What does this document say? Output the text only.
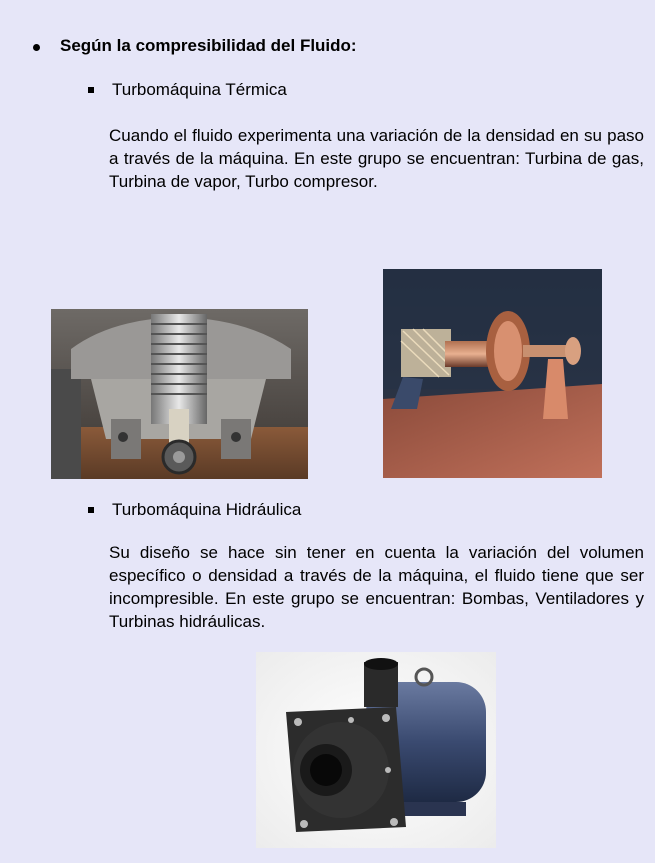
Según la compresibilidad del Fluido:
Turbomáquina Térmica
Cuando el fluido experimenta una variación de la densidad en su paso a través de la máquina. En este grupo se encuentran: Turbina de gas, Turbina de vapor, Turbo compresor.
Turbomáquina Hidráulica
Su diseño se hace sin tener en cuenta la variación del volumen específico o densidad a través de la máquina, el fluido tiene que ser incompresible. En este grupo se encuentran: Bombas, Ventiladores y Turbinas hidráulicas.
